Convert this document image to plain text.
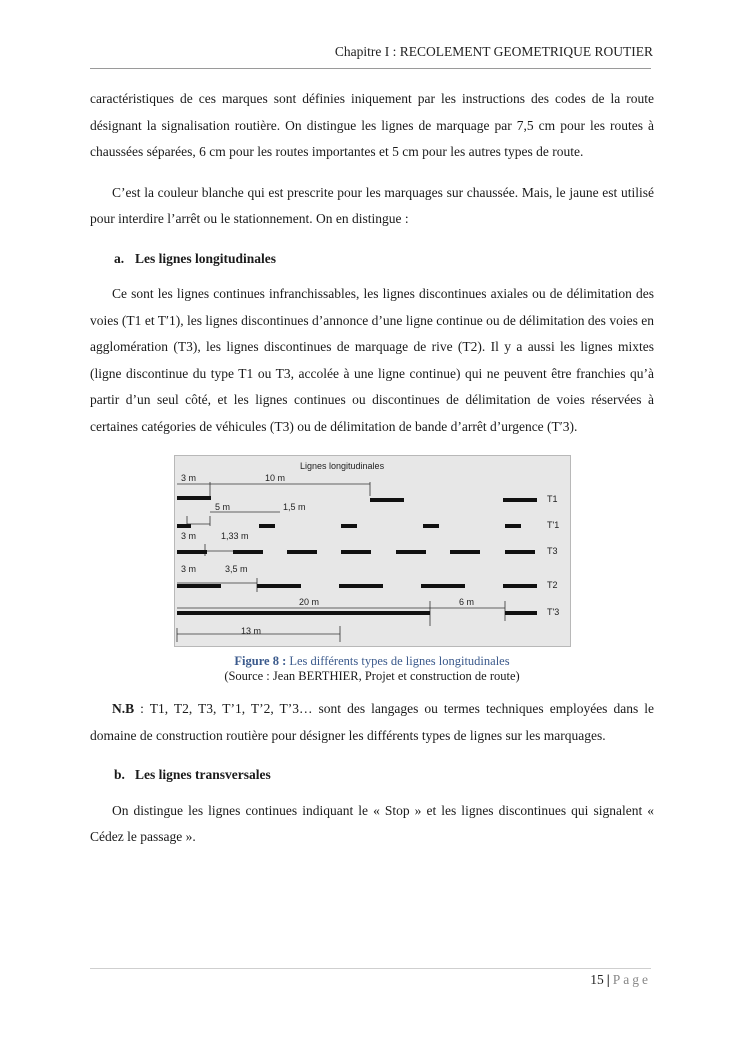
Chapitre I : RECOLEMENT GEOMETRIQUE ROUTIER

caractéristiques de ces marques sont définies iniquement par les instructions des codes de la route désignant la signalisation routière. On distingue les lignes de marquage par 7,5 cm pour les routes à chaussées séparées, 6 cm pour les routes importantes et 5 cm pour les autres types de route.

C’est la couleur blanche qui est prescrite pour les marquages sur chaussée. Mais, le jaune est utilisé pour interdire l’arrêt ou le stationnement. On en distingue :

a. Les lignes longitudinales

Ce sont les lignes continues infranchissables, les lignes discontinues axiales ou de délimitation des voies (T1 et T′1), les lignes discontinues d’annonce d’une ligne continue ou de délimitation des voies en agglomération (T3), les lignes discontinues de marquage de rive (T2). Il y a aussi les lignes mixtes (ligne discontinue du type T1 ou T3, accolée à une ligne continue) qui ne peuvent être franchies qu’à partir d’un seul côté, et les lignes continues ou discontinues de délimitation de voies réservées à certaines catégories de véhicules (T3) ou de délimitation de bande d’arrêt d’urgence (T′3).

Lignes longitudinales
3 m	10 m
5 m	1,5 m
3 m	1,33 m
3 m	3,5 m
20 m	6 m
13 m
T1
T'1
T3
T2
T'3
Figure 8 : Les différents types de lignes longitudinales
(Source : Jean BERTHIER, Projet et construction de route)

N.B : T1, T2, T3, T’1, T’2, T’3… sont des langages ou termes techniques employées dans le domaine de construction routière pour désigner les différents types de lignes sur les marquages.

b. Les lignes transversales

On distingue les lignes continues indiquant le « Stop » et les lignes discontinues qui signalent « Cédez le passage ».

15 | Page
